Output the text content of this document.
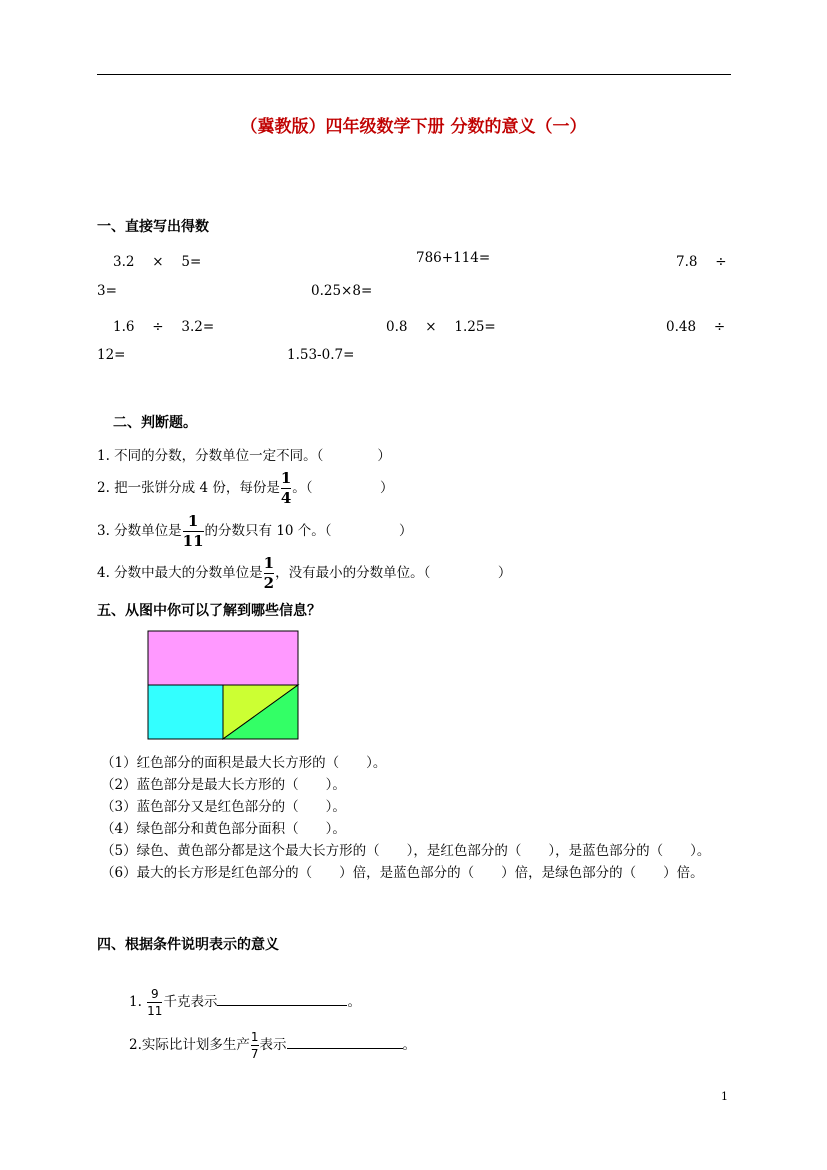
（冀教版）四年级数学下册 分数的意义（一）
一、直接写出得数
3.2 　× 　5=	786+114=	7.8 　÷
3=	0.25×8=
1.6 　÷ 　3.2=	0.8 　× 　1.25=	0.48 　÷
12=	1.53-0.7=
二、判断题。
1. 不同的分数，分数单位一定不同。（　　　　）
2. 把一张饼分成 4 份，每份是 $\frac{1}{4}$ 。（　　　　　）
3. 分数单位是 $\frac{1}{11}$ 的分数只有 10 个。（　　　　　）
4. 分数中最大的分数单位是 $\frac{1}{2}$ ，没有最小的分数单位。（　　　　　）
五、从图中你可以了解到哪些信息？
（1）红色部分的面积是最大长方形的（　　）。
（2）蓝色部分是最大长方形的（　　）。
（3）蓝色部分又是红色部分的（　　）。
（4）绿色部分和黄色部分面积（　　）。
（5）绿色、黄色部分都是这个最大长方形的（　　），是红色部分的（　　），是蓝色部分的（　　）。
（6）最大的长方形是红色部分的（　　）倍，是蓝色部分的（　　）倍，是绿色部分的（　　）倍。
四、根据条件说明表示的意义
1. $\frac{9}{11}$ 千克表示	。
2.实际比计划多生产 $\frac{1}{7}$ 表示	。
1
